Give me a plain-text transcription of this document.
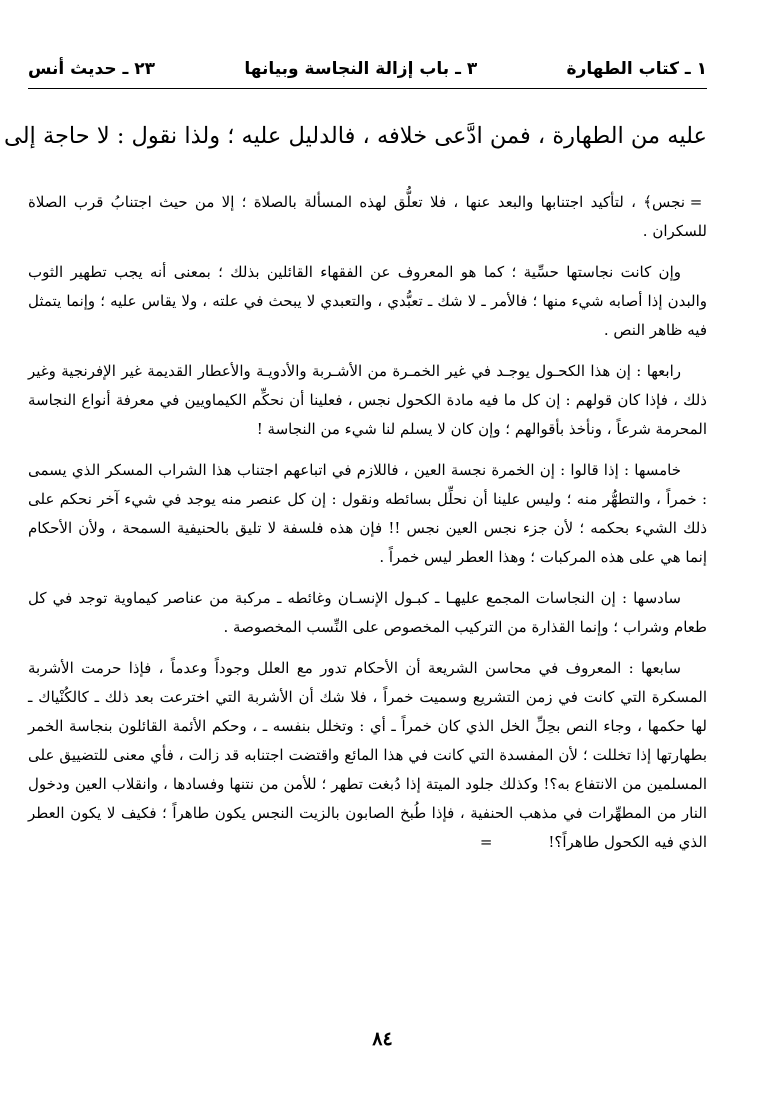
١ ـ كتاب الطهارة
٣ ـ باب إزالة النجاسة وبيانها
٢٣ ـ حديث أنس
عليه من الطهارة ، فمن ادَّعى خلافه ، فالدليل عليه ؛ ولذا نقول : لا حاجة إلى

=نجس﴾ ، لتأكيد اجتنابها والبعد عنها ، فلا تعلُّق لهذه المسألة بالصلاة ؛ إلا من حيث اجتنابُ قرب الصلاة للسكران .

وإن كانت نجاستها حسِّية ؛ كما هو المعروف عن الفقهاء القائلين بذلك ؛ بمعنى أنه يجب تطهير الثوب والبدن إذا أصابه شيء منها ؛ فالأمر ـ لا شك ـ تعبُّدي ، والتعبدي لا يبحث في علته ، ولا يقاس عليه ؛ وإنما يتمثل فيه ظاهر النص .

رابعها : إن هذا الكحـول يوجـد في غير الخمـرة من الأشـربة والأدويـة والأعطار القديمة غير الإفرنجية وغير ذلك ، فإذا كان قولهم : إن كل ما فيه مادة الكحول نجس ، فعلينا أن نحكِّم الكيماويين في معرفة أنواع النجاسة المحرمة شرعاً ، ونأخذ بأقوالهم ؛ وإن كان لا يسلم لنا شيء من النجاسة !

خامسها : إذا قالوا : إن الخمرة نجسة العين ، فاللازم في اتباعهم اجتناب هذا الشراب المسكر الذي يسمى : خمراً ، والتطهُّر منه ؛ وليس علينا أن نحلِّل بسائطه ونقول : إن كل عنصر منه يوجد في شيء آخر نحكم على ذلك الشيء بحكمه ؛ لأن جزء نجس العين نجس !! فإن هذه فلسفة لا تليق بالحنيفية السمحة ، ولأن الأحكام إنما هي على هذه المركبات ؛ وهذا العطر ليس خمراً .

سادسها : إن النجاسات المجمع عليهـا ـ كبـول الإنسـان وغائطه ـ مركبة من عناصر كيماوية توجد في كل طعام وشراب ؛ وإنما القذارة من التركيب المخصوص على النِّسب المخصوصة .

سابعها : المعروف في محاسن الشريعة أن الأحكام تدور مع العلل وجوداً وعدماً ، فإذا حرمت الأشربة المسكرة التي كانت في زمن التشريع وسميت خمراً ، فلا شك أن الأشربة التي اخترعت بعد ذلك ـ كالكُنْياك ـ لها حكمها ، وجاء النص بحِلِّ الخل الذي كان خمراً ـ أي : وتخلل بنفسه ـ ، وحكم الأئمة القائلون بنجاسة الخمر بطهارتها إذا تخللت ؛ لأن المفسدة التي كانت في هذا المائع واقتضت اجتنابه قد زالت ، فأي معنى للتضييق على المسلمين من الانتفاع به؟! وكذلك جلود الميتة إذا دُبغت تطهر ؛ للأمن من نتنها وفسادها ، وانقلاب العين ودخول النار من المطهِّرات في مذهب الحنفية ، فإذا طُبخ الصابون بالزيت النجس يكون طاهراً ؛ فكيف لا يكون العطر الذي فيه الكحول طاهراً؟!=

٨٤
